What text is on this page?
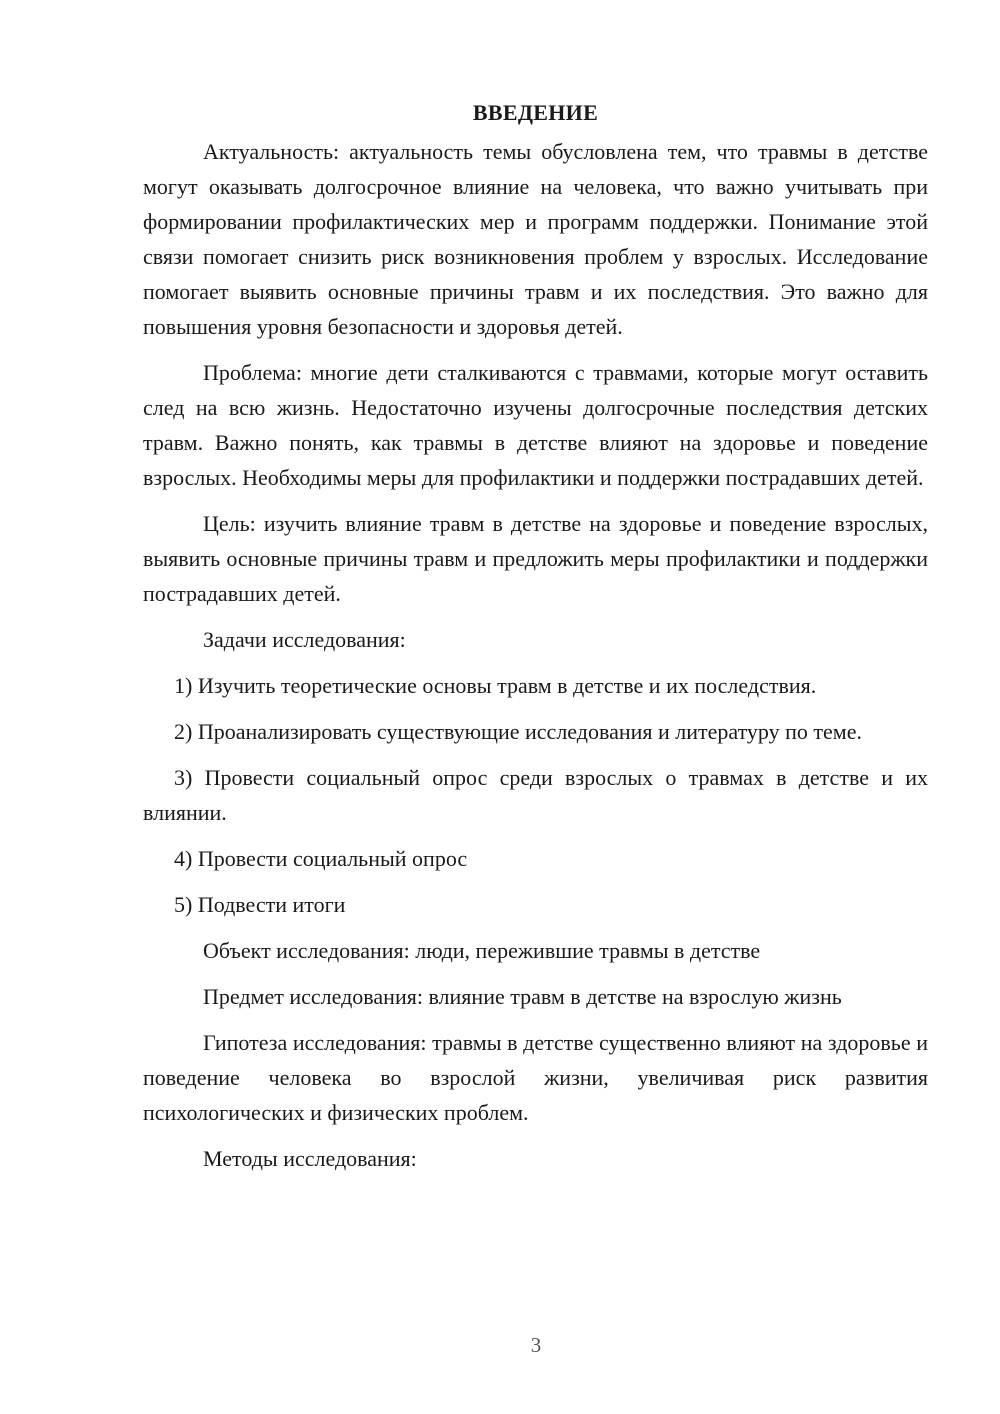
ВВЕДЕНИЕ

Актуальность: актуальность темы обусловлена тем, что травмы в детстве могут оказывать долгосрочное влияние на человека, что важно учитывать при формировании профилактических мер и программ поддержки. Понимание этой связи помогает снизить риск возникновения проблем у взрослых. Исследование помогает выявить основные причины травм и их последствия. Это важно для повышения уровня безопасности и здоровья детей.

Проблема: многие дети сталкиваются с травмами, которые могут оставить след на всю жизнь. Недостаточно изучены долгосрочные последствия детских травм. Важно понять, как травмы в детстве влияют на здоровье и поведение взрослых. Необходимы меры для профилактики и поддержки пострадавших детей.

Цель: изучить влияние травм в детстве на здоровье и поведение взрослых, выявить основные причины травм и предложить меры профилактики и поддержки пострадавших детей.

Задачи исследования:

1) Изучить теоретические основы травм в детстве и их последствия.

2) Проанализировать существующие исследования и литературу по теме.

3) Провести социальный опрос среди взрослых о травмах в детстве и их влиянии.

4) Провести социальный опрос

5) Подвести итоги

Объект исследования: люди, пережившие травмы в детстве

Предмет исследования: влияние травм в детстве на взрослую жизнь

Гипотеза исследования: травмы в детстве существенно влияют на здоровье и поведение человека во взрослой жизни, увеличивая риск развития психологических и физических проблем.

Методы исследования:

3
